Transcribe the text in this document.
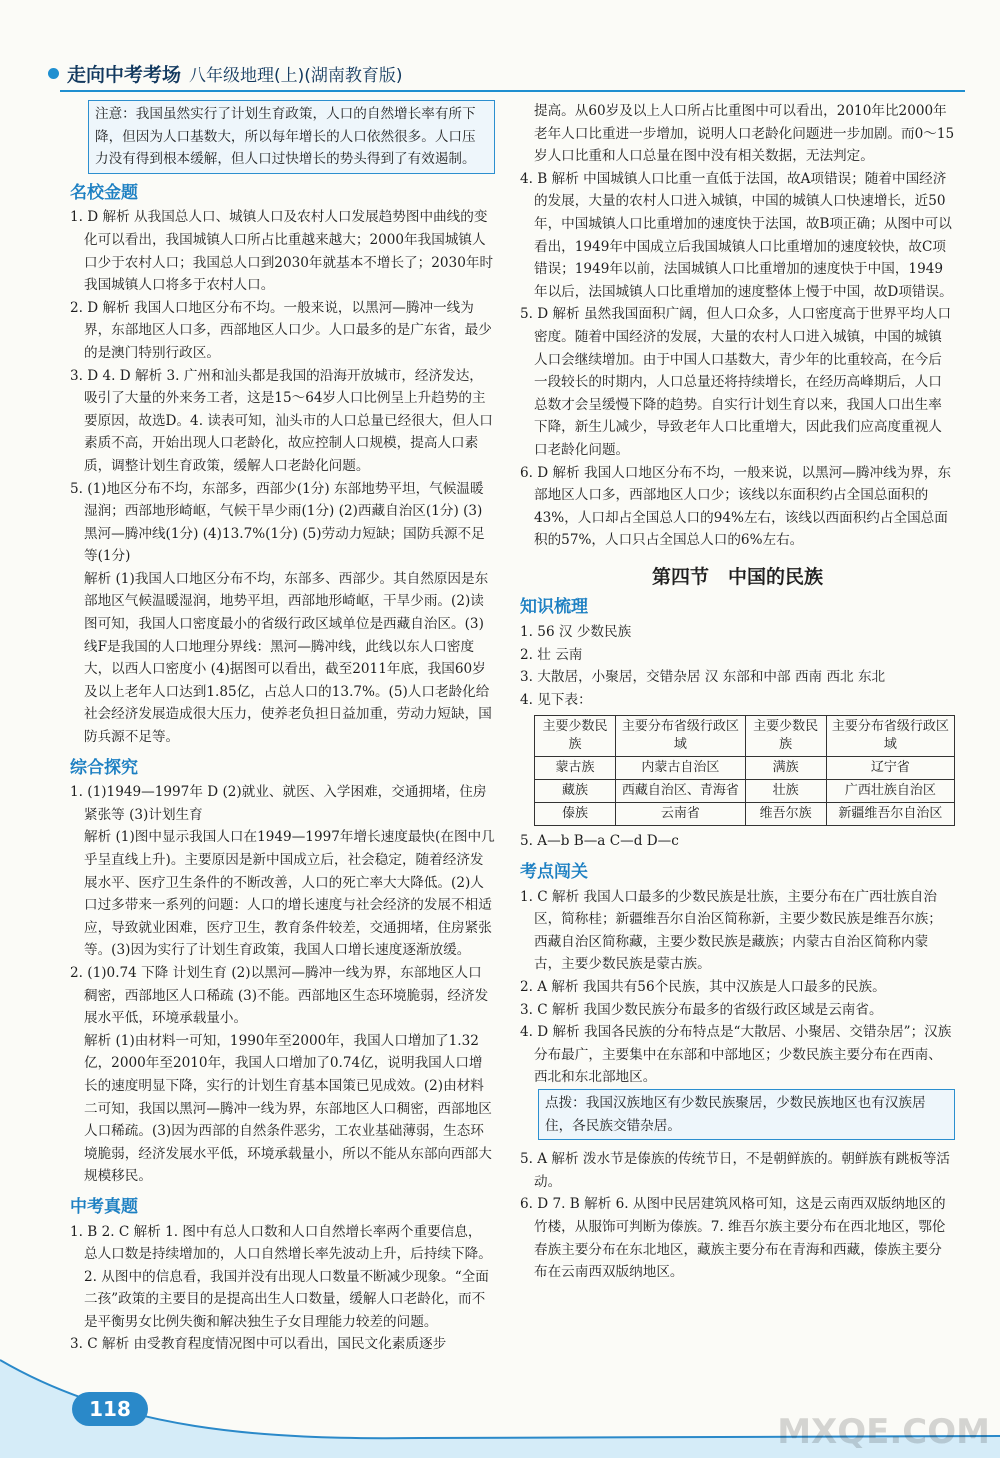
走向中考考场 八年级地理(上)(湖南教育版)
注意：我国虽然实行了计划生育政策，人口的自然增长率有所下降，但因为人口基数大，所以每年增长的人口依然很多。人口压力没有得到根本缓解，但人口过快增长的势头得到了有效遏制。
名校金题
1. D 解析 从我国总人口、城镇人口及农村人口发展趋势图中曲线的变化可以看出，我国城镇人口所占比重越来越大；2000年我国城镇人口少于农村人口；我国总人口到2030年就基本不增长了；2030年时我国城镇人口将多于农村人口。
2. D 解析 我国人口地区分布不均。一般来说，以黑河—腾冲一线为界，东部地区人口多，西部地区人口少。人口最多的是广东省，最少的是澳门特别行政区。
3. D 4. D 解析 3. 广州和汕头都是我国的沿海开放城市，经济发达，吸引了大量的外来务工者，这是15～64岁人口比例呈上升趋势的主要原因，故选D。4. 读表可知，汕头市的人口总量已经很大，但人口素质不高，开始出现人口老龄化，故应控制人口规模，提高人口素质，调整计划生育政策，缓解人口老龄化问题。
5. (1)地区分布不均，东部多，西部少(1分) 东部地势平坦，气候温暖湿润；西部地形崎岖，气候干旱少雨(1分) (2)西藏自治区(1分) (3)黑河—腾冲线(1分) (4)13.7%(1分) (5)劳动力短缺；国防兵源不足等(1分)
解析 (1)我国人口地区分布不均，东部多、西部少。其自然原因是东部地区气候温暖湿润，地势平坦，西部地形崎岖，干旱少雨。(2)读图可知，我国人口密度最小的省级行政区域单位是西藏自治区。(3)线F是我国的人口地理分界线：黑河—腾冲线，此线以东人口密度大，以西人口密度小 (4)据图可以看出，截至2011年底，我国60岁及以上老年人口达到1.85亿，占总人口的13.7%。(5)人口老龄化给社会经济发展造成很大压力，使养老负担日益加重，劳动力短缺，国防兵源不足等。
综合探究
1. (1)1949—1997年 D (2)就业、就医、入学困难，交通拥堵，住房紧张等 (3)计划生育
解析 (1)图中显示我国人口在1949—1997年增长速度最快(在图中几乎呈直线上升)。主要原因是新中国成立后，社会稳定，随着经济发展水平、医疗卫生条件的不断改善，人口的死亡率大大降低。(2)人口过多带来一系列的问题：人口的增长速度与社会经济的发展不相适应，导致就业困难，医疗卫生，教育条件较差，交通拥堵，住房紧张等。(3)因为实行了计划生育政策，我国人口增长速度逐渐放缓。
2. (1)0.74 下降 计划生育 (2)以黑河—腾冲一线为界，东部地区人口稠密，西部地区人口稀疏 (3)不能。西部地区生态环境脆弱，经济发展水平低，环境承载量小。
解析 (1)由材料一可知，1990年至2000年，我国人口增加了1.32亿，2000年至2010年，我国人口增加了0.74亿，说明我国人口增长的速度明显下降，实行的计划生育基本国策已见成效。(2)由材料二可知，我国以黑河—腾冲一线为界，东部地区人口稠密，西部地区人口稀疏。(3)因为西部的自然条件恶劣，工农业基础薄弱，生态环境脆弱，经济发展水平低，环境承载量小，所以不能从东部向西部大规模移民。
中考真题
1. B 2. C 解析 1. 图中有总人口数和人口自然增长率两个重要信息，总人口数是持续增加的，人口自然增长率先波动上升，后持续下降。2. 从图中的信息看，我国并没有出现人口数量不断减少现象。“全面二孩”政策的主要目的是提高出生人口数量，缓解人口老龄化，而不是平衡男女比例失衡和解决独生子女目理能力较差的问题。
3. C 解析 由受教育程度情况图中可以看出，国民文化素质逐步
提高。从60岁及以上人口所占比重图中可以看出，2010年比2000年老年人口比重进一步增加，说明人口老龄化问题进一步加剧。而0～15岁人口比重和人口总量在图中没有相关数据，无法判定。
4. B 解析 中国城镇人口比重一直低于法国，故A项错误；随着中国经济的发展，大量的农村人口进入城镇，中国的城镇人口快速增长，近50年，中国城镇人口比重增加的速度快于法国，故B项正确；从图中可以看出，1949年中国成立后我国城镇人口比重增加的速度较快，故C项错误；1949年以前，法国城镇人口比重增加的速度快于中国，1949年以后，法国城镇人口比重增加的速度整体上慢于中国，故D项错误。
5. D 解析 虽然我国面积广阔，但人口众多，人口密度高于世界平均人口密度。随着中国经济的发展，大量的农村人口进入城镇，中国的城镇人口会继续增加。由于中国人口基数大，青少年的比重较高，在今后一段较长的时期内，人口总量还将持续增长，在经历高峰期后，人口总数才会呈缓慢下降的趋势。自实行计划生育以来，我国人口出生率下降，新生儿减少，导致老年人口比重增大，因此我们应高度重视人口老龄化问题。
6. D 解析 我国人口地区分布不均，一般来说，以黑河—腾冲线为界，东部地区人口多，西部地区人口少；该线以东面积约占全国总面积的43%，人口却占全国总人口的94%左右，该线以西面积约占全国总面积的57%，人口只占全国总人口的6%左右。
第四节　中国的民族
知识梳理
1. 56 汉 少数民族
2. 壮 云南
3. 大散居，小聚居，交错杂居 汉 东部和中部 西南 西北 东北
4. 见下表：
主要少数民族	主要分布省级行政区域	主要少数民族	主要分布省级行政区域
蒙古族	内蒙古自治区	满族	辽宁省
藏族	西藏自治区、青海省	壮族	广西壮族自治区
傣族	云南省	维吾尔族	新疆维吾尔自治区
5. A—b B—a C—d D—c
考点闯关
1. C 解析 我国人口最多的少数民族是壮族，主要分布在广西壮族自治区，简称桂；新疆维吾尔自治区简称新，主要少数民族是维吾尔族；西藏自治区简称藏，主要少数民族是藏族；内蒙古自治区简称内蒙古，主要少数民族是蒙古族。
2. A 解析 我国共有56个民族，其中汉族是人口最多的民族。
3. C 解析 我国少数民族分布最多的省级行政区域是云南省。
4. D 解析 我国各民族的分布特点是“大散居、小聚居、交错杂居”；汉族分布最广，主要集中在东部和中部地区；少数民族主要分布在西南、西北和东北部地区。
点拨：我国汉族地区有少数民族聚居，少数民族地区也有汉族居住，各民族交错杂居。
5. A 解析 泼水节是傣族的传统节日，不是朝鲜族的。朝鲜族有跳板等活动。
6. D 7. B 解析 6. 从图中民居建筑风格可知，这是云南西双版纳地区的竹楼，从服饰可判断为傣族。7. 维吾尔族主要分布在西北地区，鄂伦春族主要分布在东北地区，藏族主要分布在青海和西藏，傣族主要分布在云南西双版纳地区。
118
MXQE.COM
